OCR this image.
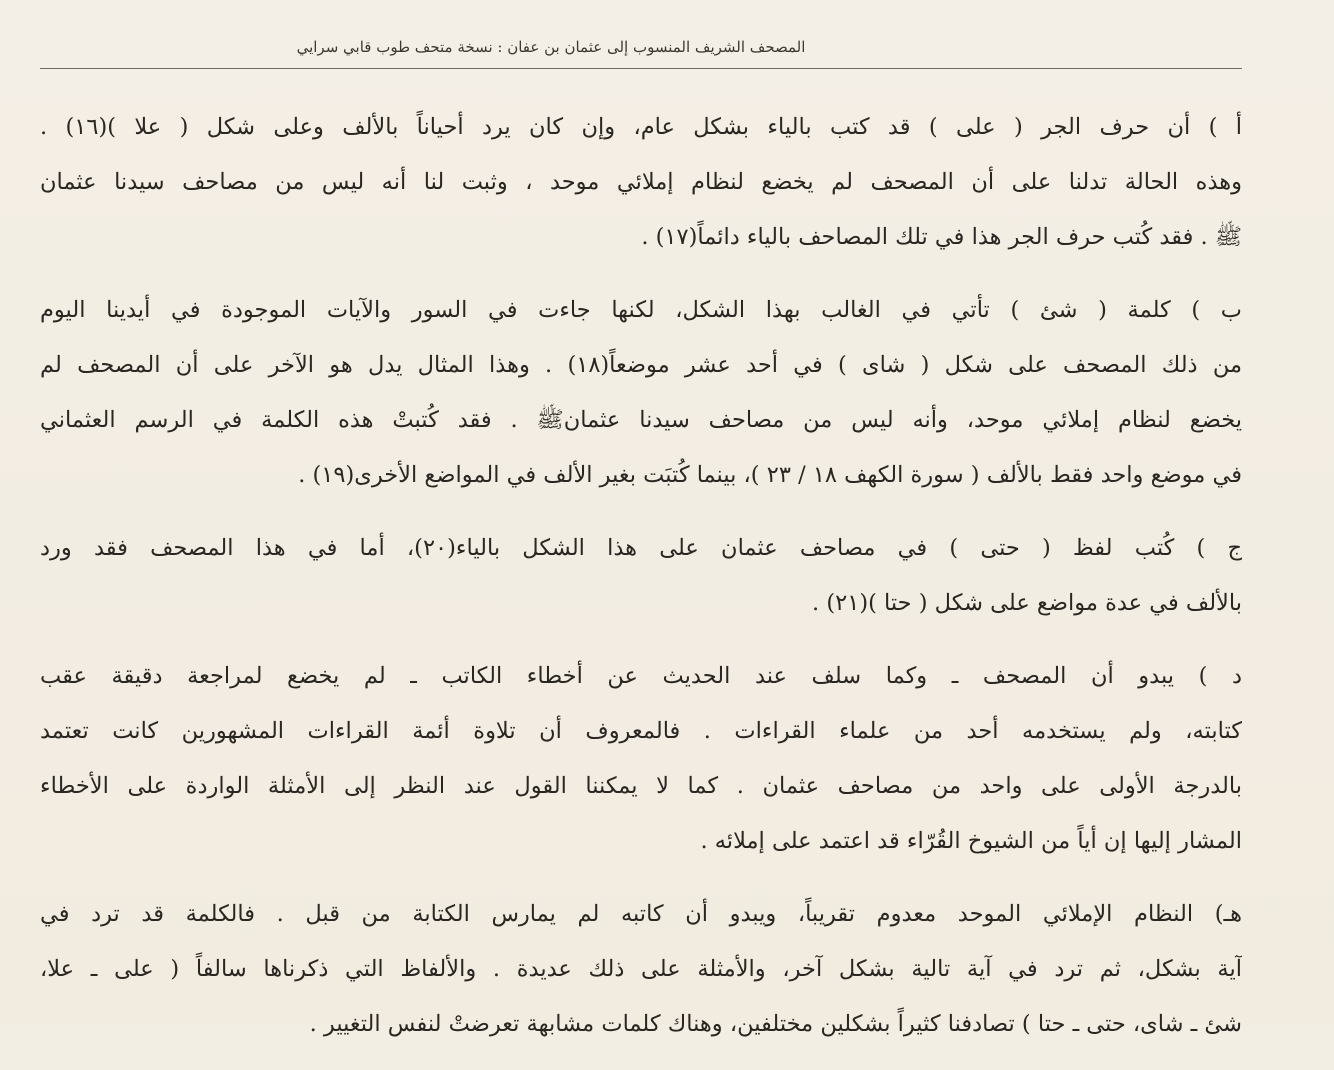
المصحف الشريف المنسوب إلى عثمان بن عفان : نسخة متحف طوب قابي سرايي
أ ) أن حرف الجر ( على ) قد كتب بالياء بشكل عام، وإن كان يرد أحياناً بالألف وعلى شكل ( علا )(١٦) .
وهذه الحالة تدلنا على أن المصحف لم يخضع لنظام إملائي موحد ، وثبت لنا أنه ليس من مصاحف سيدنا عثمان
ﷺ . فقد كُتب حرف الجر هذا في تلك المصاحف بالياء دائماً(١٧) .
ب ) كلمة ( شئ ) تأتي في الغالب بهذا الشكل، لكنها جاءت في السور والآيات الموجودة في أيدينا اليوم
من ذلك المصحف على شكل ( شاى ) في أحد عشر موضعاً(١٨) . وهذا المثال يدل هو الآخر على أن المصحف لم
يخضع لنظام إملائي موحد، وأنه ليس من مصاحف سيدنا عثمانﷺ . فقد كُتبتْ هذه الكلمة في الرسم العثماني
في موضع واحد فقط بالألف ( سورة الكهف ١٨ / ٢٣ )، بينما كُتبَت بغير الألف في المواضع الأخرى(١٩) .
ج ) كُتب لفظ ( حتى ) في مصاحف عثمان على هذا الشكل بالياء(٢٠)، أما في هذا المصحف فقد ورد
بالألف في عدة مواضع على شكل ( حتا )(٢١) .
د ) يبدو أن المصحف ـ وكما سلف عند الحديث عن أخطاء الكاتب ـ لم يخضع لمراجعة دقيقة عقب
كتابته، ولم يستخدمه أحد من علماء القراءات . فالمعروف أن تلاوة أئمة القراءات المشهورين كانت تعتمد
بالدرجة الأولى على واحد من مصاحف عثمان . كما لا يمكننا القول عند النظر إلى الأمثلة الواردة على الأخطاء
المشار إليها إن أياً من الشيوخ القُرّاء قد اعتمد على إملائه .
هـ) النظام الإملائي الموحد معدوم تقريباً، ويبدو أن كاتبه لم يمارس الكتابة من قبل . فالكلمة قد ترد في
آية بشكل، ثم ترد في آية تالية بشكل آخر، والأمثلة على ذلك عديدة . والألفاظ التي ذكرناها سالفاً ( على ـ علا،
شئ ـ شاى، حتى ـ حتا ) تصادفنا كثيراً بشكلين مختلفين، وهناك كلمات مشابهة تعرضتْ لنفس التغيير .
